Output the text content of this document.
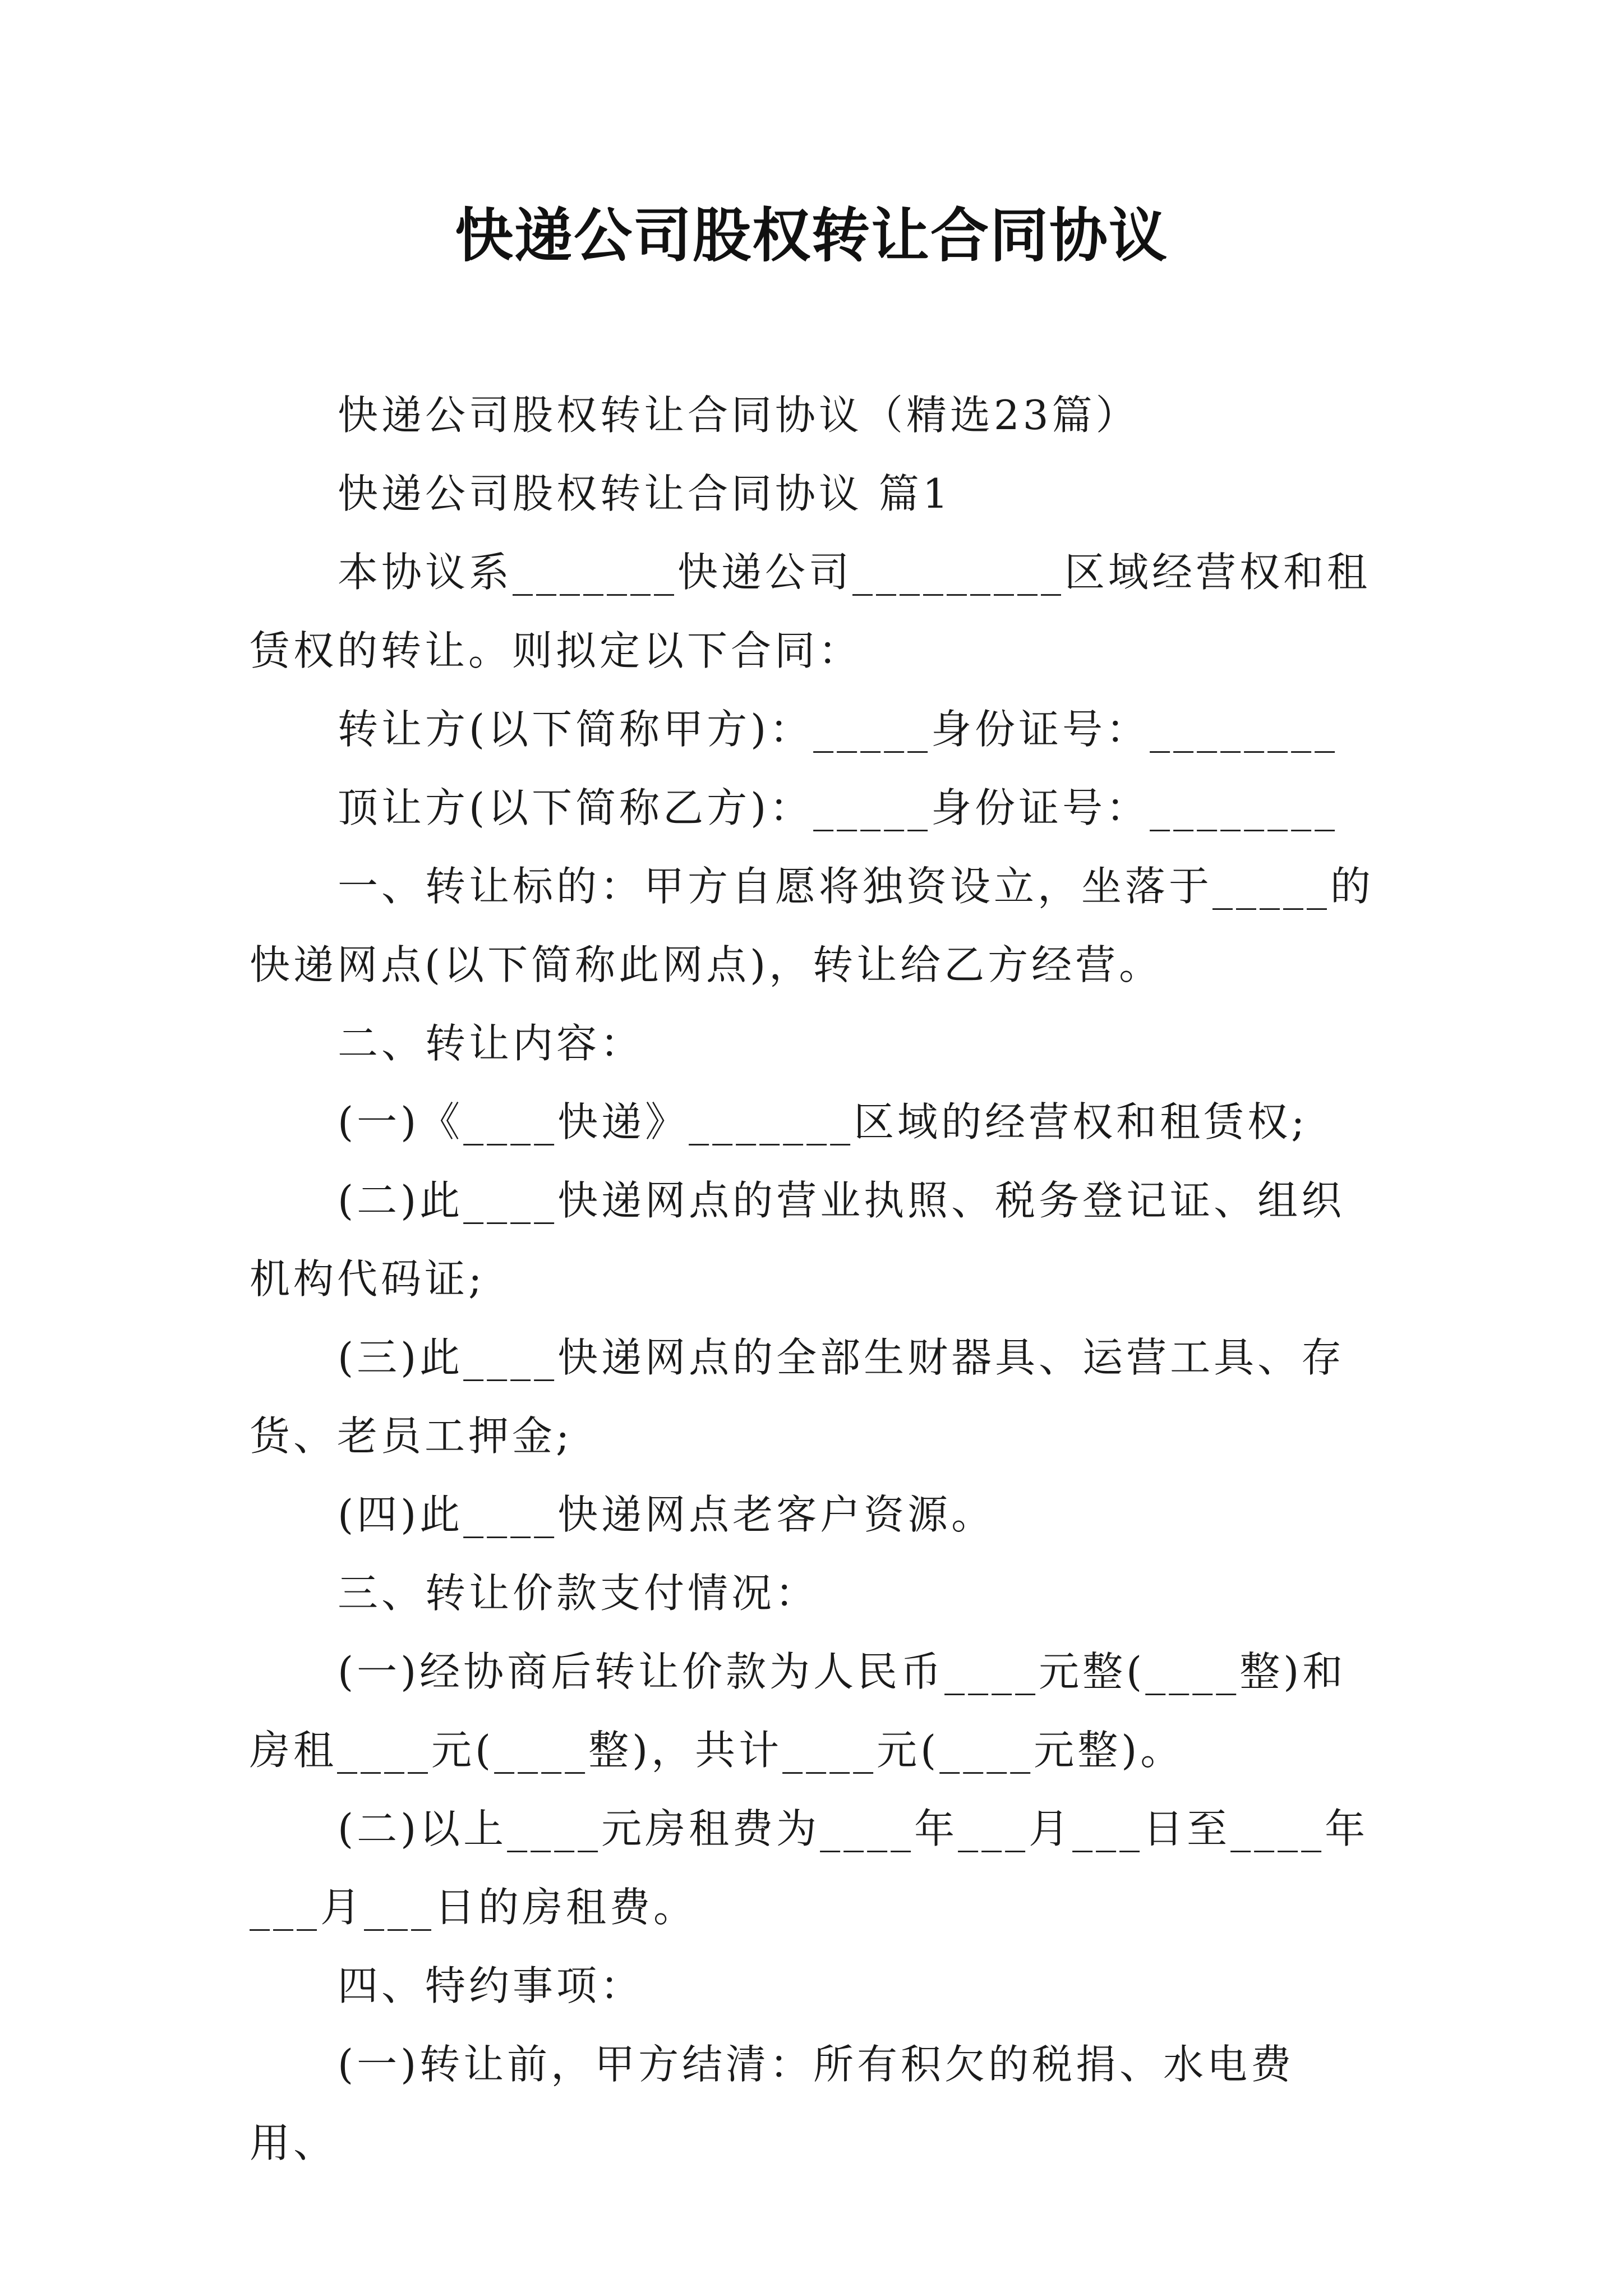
快递公司股权转让合同协议

快递公司股权转让合同协议（精选23篇）

快递公司股权转让合同协议 篇1

本协议系_______快递公司_________区域经营权和租赁权的转让。则拟定以下合同：

转让方(以下简称甲方)：_____身份证号：________

顶让方(以下简称乙方)：_____身份证号：________

一、转让标的：甲方自愿将独资设立，坐落于_____的快递网点(以下简称此网点)，转让给乙方经营。

二、转让内容：

(一)《____快递》_______区域的经营权和租赁权;

(二)此____快递网点的营业执照、税务登记证、组织机构代码证;

(三)此____快递网点的全部生财器具、运营工具、存货、老员工押金;

(四)此____快递网点老客户资源。

三、转让价款支付情况：

(一)经协商后转让价款为人民币____元整(____整)和房租____元(____整)，共计____元(____元整)。

(二)以上____元房租费为____年___月___日至____年___月___日的房租费。

四、特约事项：

(一)转让前，甲方结清：所有积欠的税捐、水电费用、
